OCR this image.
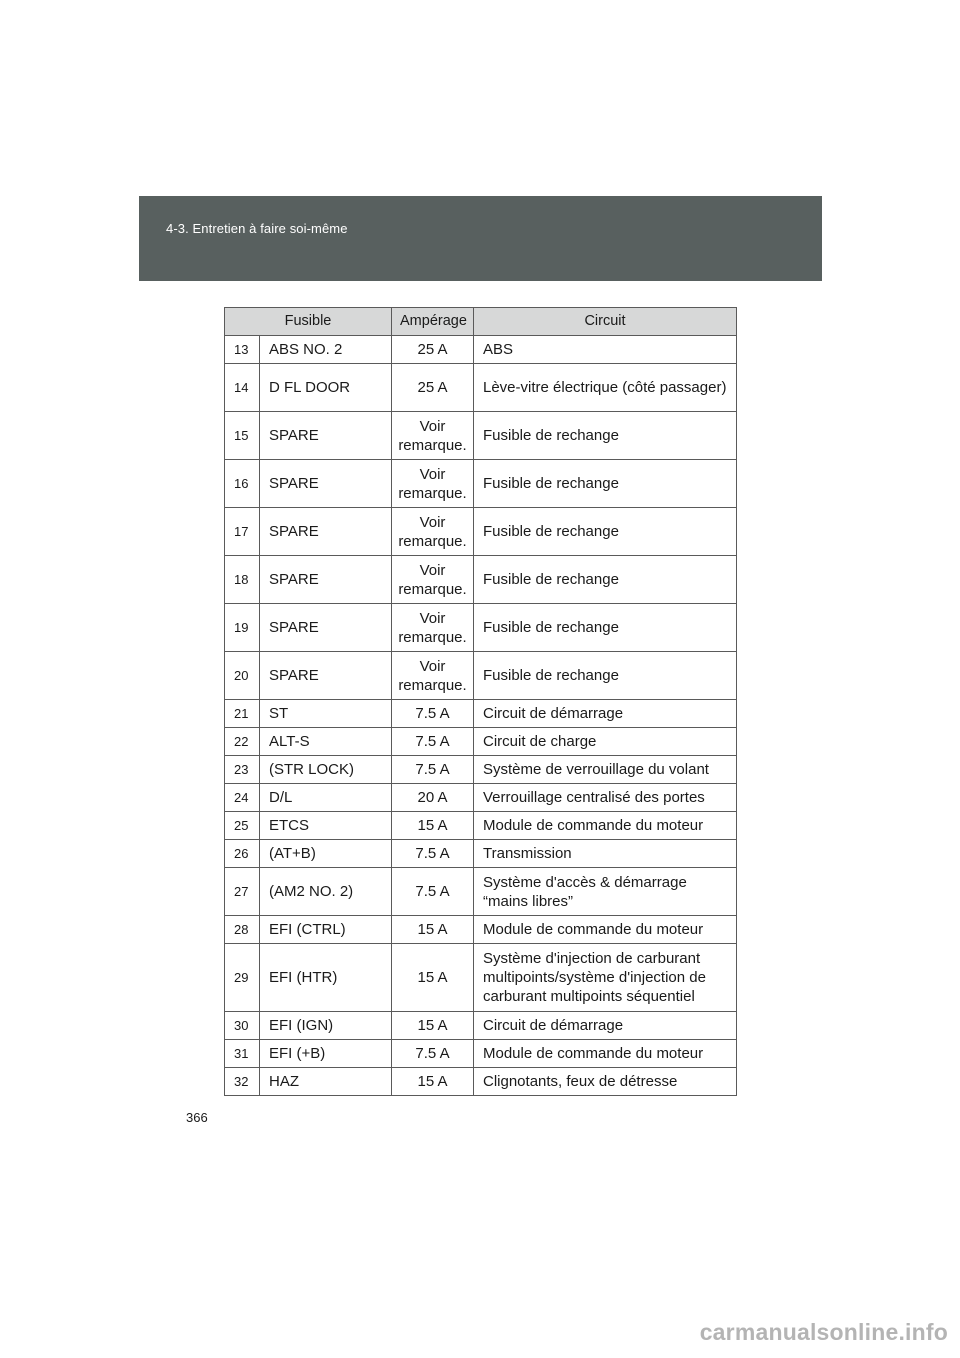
4-3. Entretien à faire soi-même
Fusible		Ampérage	Circuit
13	ABS NO. 2	25 A	ABS
14	D FL DOOR	25 A	Lève-vitre électrique (côté passager)
15	SPARE	Voir remarque.	Fusible de rechange
16	SPARE	Voir remarque.	Fusible de rechange
17	SPARE	Voir remarque.	Fusible de rechange
18	SPARE	Voir remarque.	Fusible de rechange
19	SPARE	Voir remarque.	Fusible de rechange
20	SPARE	Voir remarque.	Fusible de rechange
21	ST	7.5 A	Circuit de démarrage
22	ALT-S	7.5 A	Circuit de charge
23	(STR LOCK)	7.5 A	Système de verrouillage du volant
24	D/L	20 A	Verrouillage centralisé des portes
25	ETCS	15 A	Module de commande du moteur
26	(AT+B)	7.5 A	Transmission
27	(AM2 NO. 2)	7.5 A	Système d'accès & démarrage “mains libres”
28	EFI (CTRL)	15 A	Module de commande du moteur
29	EFI (HTR)	15 A	Système d'injection de carburant multipoints/système d'injection de carburant multipoints séquentiel
30	EFI (IGN)	15 A	Circuit de démarrage
31	EFI (+B)	7.5 A	Module de commande du moteur
32	HAZ	15 A	Clignotants, feux de détresse
366
carmanualsonline.info
